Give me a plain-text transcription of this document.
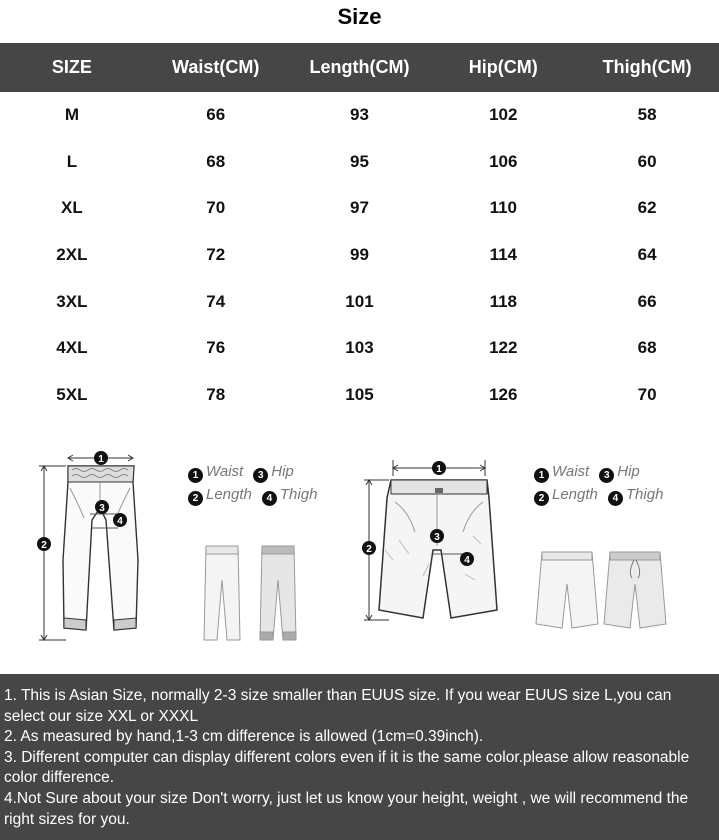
Size
SIZE	Waist(CM)	Length(CM)	Hip(CM)	Thigh(CM)
M	66	93	102	58
L	68	95	106	60
XL	70	97	110	62
2XL	72	99	114	64
3XL	74	101	118	66
4XL	76	103	122	68
5XL	78	105	126	70
1
2
3
4
1 Waist 3 Hip
2 Length 4 Thigh
1
2
3
4
1 Waist 3 Hip
2 Length 4 Thigh

1. This is Asian Size, normally 2-3 size smaller than EUUS size. If you wear EUUS size L,you can select our size XXL or XXXL

2. As measured by hand,1-3 cm difference is allowed (1cm=0.39inch).

3. Different computer can display different colors even if it is the same color.please allow reasonable color difference.

4.Not Sure about your size Don't worry, just let us know your height, weight , we will recommend the right sizes for you.
